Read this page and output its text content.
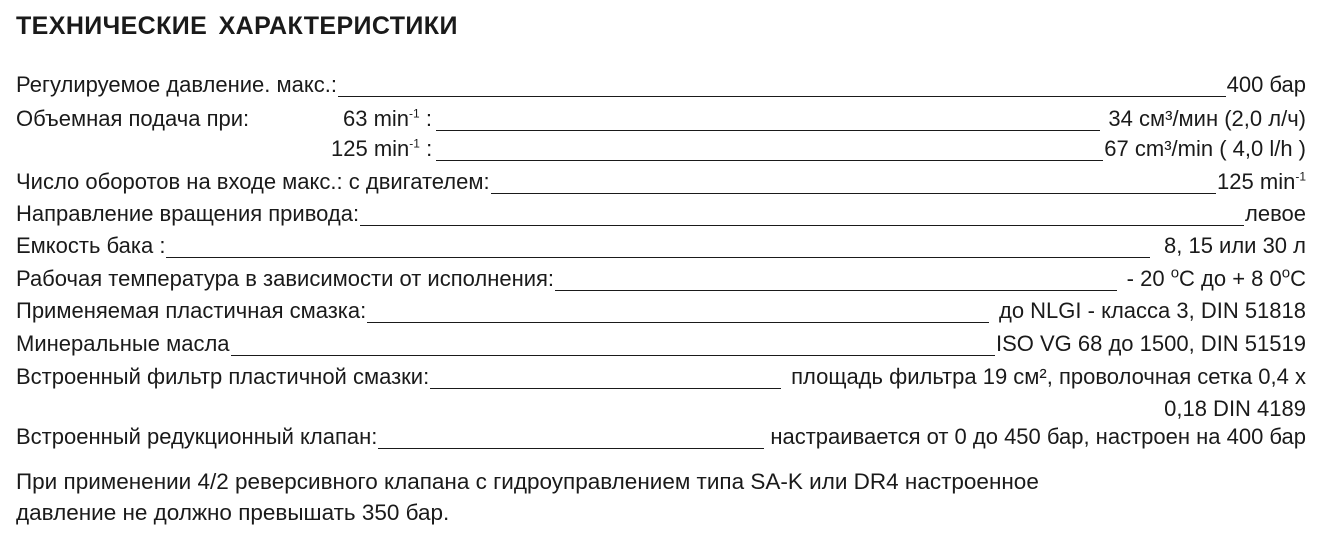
ТЕХНИЧЕСКИЕ ХАРАКТЕРИСТИКИ
Регулируемое давление. макс.:	400 бар
Объемная подача при:	63 $\min^{-1}$ :	34 см³/мин (2,0 л/ч)
125 $\min^{-1}$ :	67 cm³/min ( 4,0 l/h )
Число оборотов на входе макс.: с двигателем:	125 $\min^{-1}$
Направление вращения привода:	левое
Емкость бака :	8, 15 или 30 л
Рабочая температура в зависимости от исполнения:	- 20 $^o$C до + 8 0$^o$C
Применяемая пластичная смазка:	до NLGI - класса 3, DIN 51818
Минеральные масла	ISO VG 68 до 1500, DIN 51519
Встроенный фильтр пластичной смазки:	площадь фильтра 19 см², проволочная сетка 0,4 х
0,18 DIN 4189
Встроенный редукционный клапан:	настраивается от 0 до 450 бар, настроен на 400 бар
При применении 4/2 реверсивного клапана с гидроуправлением типа SA-K или DR4 настроенное
давление не должно превышать 350 бар.
